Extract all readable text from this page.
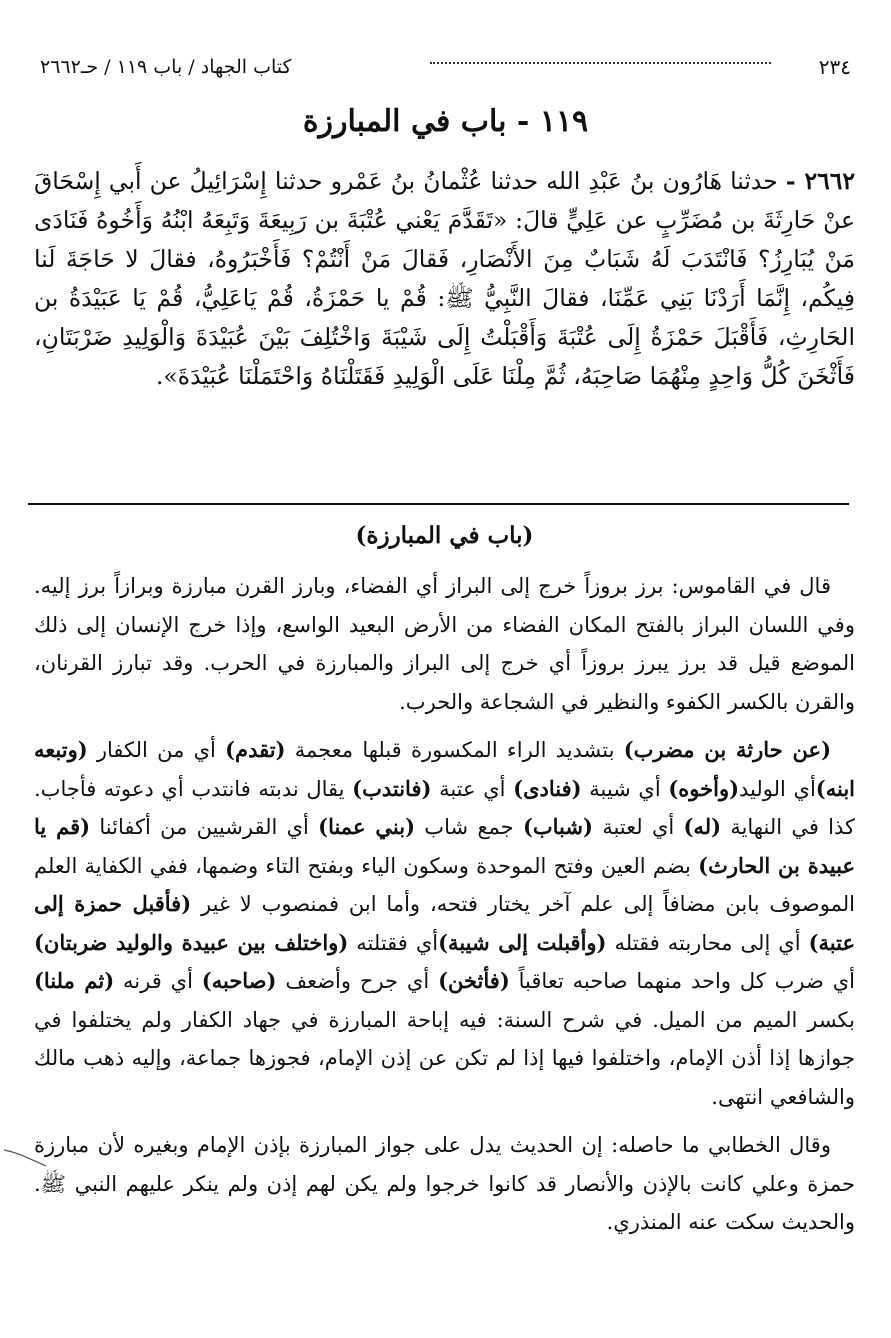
٢٣٤
كتاب الجهاد / باب ١١٩ / حـ٢٦٦٢
١١٩ - باب في المبارزة
٢٦٦٢ - حدثنا هَارُون بنُ عَبْدِ الله حدثنا عُثْمانُ بنُ عَمْرو حدثنا إِسْرَائِيلُ عن أَبي إِسْحَاقَ عنْ حَارِثَةَ بن مُضَرِّبٍ عن عَلِيٍّ قالَ: «تَقَدَّمَ يَعْني عُتْبَةَ بن رَبِيعَةَ وَتَبِعَهُ ابْنُهُ وَأَخُوهُ فَنَادَى مَنْ يُبَارِزُ؟ فَانْتَدَبَ لَهُ شَبَابٌ مِنَ الأَنْصَارِ، فَقالَ مَنْ أَنْتُمْ؟ فَأَخْبَرُوهُ، فقالَ لا حَاجَةَ لَنا فِيكُم، إِنَّمَا أَرَدْنَا بَنِي عَمِّنَا، فقالَ النَّبِيُّ ﷺ: قُمْ يا حَمْزَةُ، قُمْ يَاعَلِيُّ، قُمْ يَا عَبَيْدَةُ بن الحَارِثِ، فَأَقْبَلَ حَمْزَةُ إِلَى عُتْبَةَ وَأَقْبَلْتُ إِلَى شَيْبَةَ وَاخْتُلِفَ بَيْنَ عُبَيْدَةَ وَالْوَلِيدِ ضَرْبَتَانِ، فَأَثْخَنَ كُلُّ وَاحِدٍ مِنْهُمَا صَاحِبَهُ، ثُمَّ مِلْنَا عَلَى الْوَلِيدِ فَقَتَلْنَاهُ وَاحْتَمَلْنَا عُبَيْدَةَ».
(باب في المبارزة)

قال في القاموس: برز بروزاً خرج إلى البراز أي الفضاء، وبارز القرن مبارزة وبرازاً برز إليه. وفي اللسان البراز بالفتح المكان الفضاء من الأرض البعيد الواسع، وإذا خرج الإنسان إلى ذلك الموضع قيل قد برز يبرز بروزاً أي خرج إلى البراز والمبارزة في الحرب. وقد تبارز القرنان، والقرن بالكسر الكفوء والنظير في الشجاعة والحرب.

(عن حارثة بن مضرب) بتشديد الراء المكسورة قبلها معجمة (تقدم) أي من الكفار (وتبعه ابنه)أي الوليد(وأخوه) أي شيبة (فنادى) أي عتبة (فانتدب) يقال ندبته فانتدب أي دعوته فأجاب. كذا في النهاية (له) أي لعتبة (شباب) جمع شاب (بني عمنا) أي القرشيين من أكفائنا (قم يا عبيدة بن الحارث) بضم العين وفتح الموحدة وسكون الياء وبفتح التاء وضمها، ففي الكفاية العلم الموصوف بابن مضافاً إلى علم آخر يختار فتحه، وأما ابن فمنصوب لا غير (فأقبل حمزة إلى عتبة) أي إلى محاربته فقتله (وأقبلت إلى شيبة)أي فقتلته (واختلف بين عبيدة والوليد ضربتان) أي ضرب كل واحد منهما صاحبه تعاقباً (فأثخن) أي جرح وأضعف (صاحبه) أي قرنه (ثم ملنا) بكسر الميم من الميل. في شرح السنة: فيه إباحة المبارزة في جهاد الكفار ولم يختلفوا في جوازها إذا أذن الإمام، واختلفوا فيها إذا لم تكن عن إذن الإمام، فجوزها جماعة، وإليه ذهب مالك والشافعي انتهى.

وقال الخطابي ما حاصله: إن الحديث يدل على جواز المبارزة بإذن الإمام وبغيره لأن مبارزة حمزة وعلي كانت بالإذن والأنصار قد كانوا خرجوا ولم يكن لهم إذن ولم ينكر عليهم النبي ﷺ. والحديث سكت عنه المنذري.
